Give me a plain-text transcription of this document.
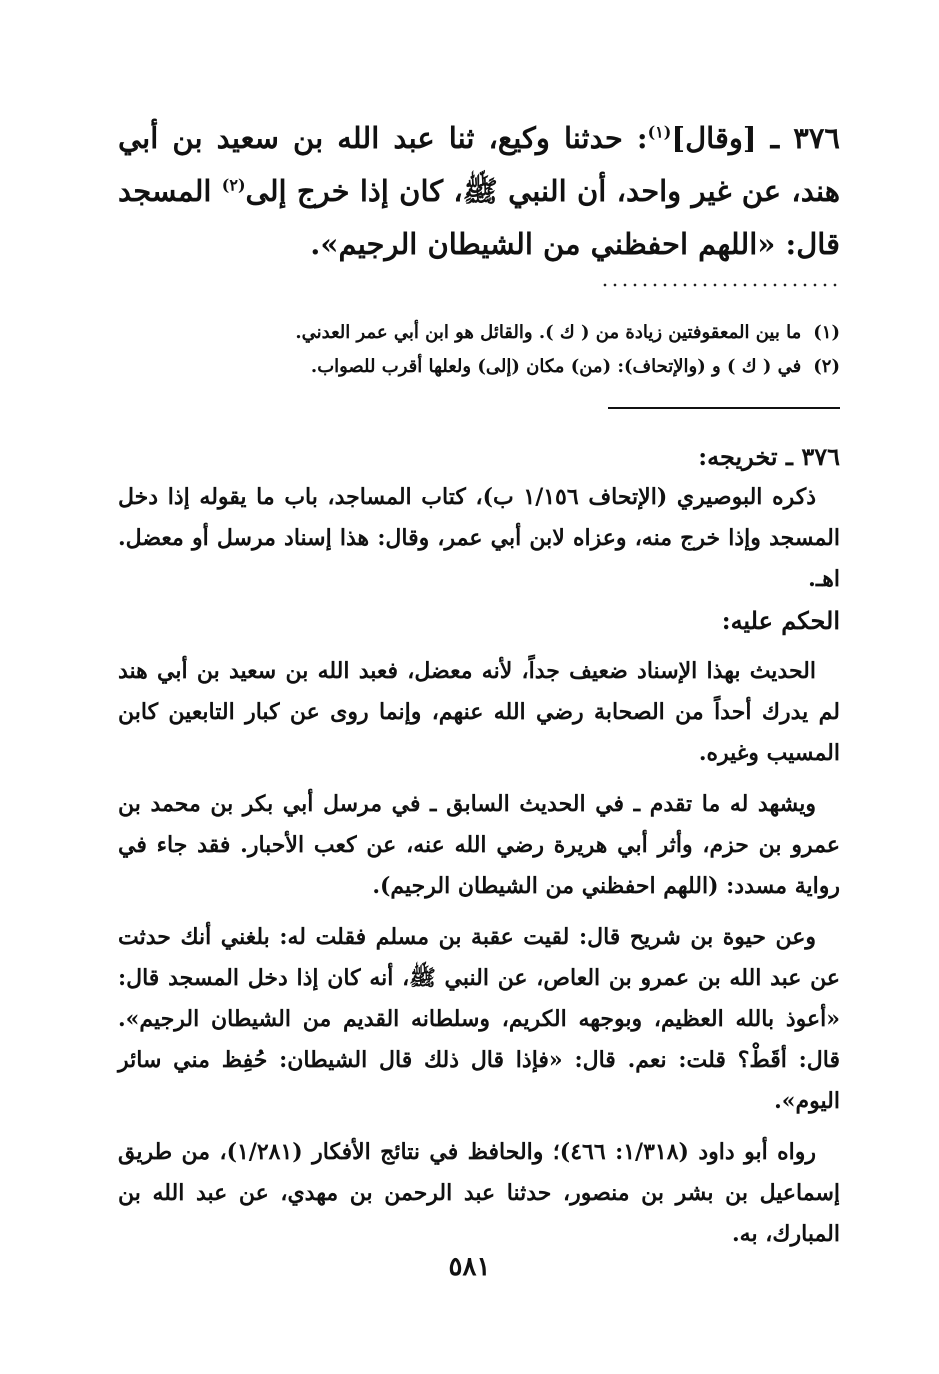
٣٧٦ ـ [وقال]$^{(١)}$: حدثنا وكيع، ثنا عبد الله بن سعيد بن أبي هند، عن غير واحد، أن النبي ﷺ، كان إذا خرج إلى$^{(٢)}$ المسجد قال: «اللهم احفظني من الشيطان الرجيم».
(١)ما بين المعقوفتين زيادة من ( ك ). والقائل هو ابن أبي عمر العدني.
(٢)في ( ك ) و (والإتحاف): (من) مكان (إلى) ولعلها أقرب للصواب.

٣٧٦ ـ تخريجه:

ذكره البوصيري (الإتحاف ١/١٥٦ ب)، كتاب المساجد، باب ما يقوله إذا دخل المسجد وإذا خرج منه، وعزاه لابن أبي عمر، وقال: هذا إسناد مرسل أو معضل. اهـ.

الحكم عليه:

الحديث بهذا الإسناد ضعيف جداً، لأنه معضل، فعبد الله بن سعيد بن أبي هند لم يدرك أحداً من الصحابة رضي الله عنهم، وإنما روى عن كبار التابعين كابن المسيب وغيره.

ويشهد له ما تقدم ـ في الحديث السابق ـ في مرسل أبي بكر بن محمد بن عمرو بن حزم، وأثر أبي هريرة رضي الله عنه، عن كعب الأحبار. فقد جاء في رواية مسدد: (اللهم احفظني من الشيطان الرجيم).

وعن حيوة بن شريح قال: لقيت عقبة بن مسلم فقلت له: بلغني أنك حدثت عن عبد الله بن عمرو بن العاص، عن النبي ﷺ، أنه كان إذا دخل المسجد قال: «أعوذ بالله العظيم، وبوجهه الكريم، وسلطانه القديم من الشيطان الرجيم». قال: أقَطْ؟ قلت: نعم. قال: «فإذا قال ذلك قال الشيطان: حُفِظ مني سائر اليوم».

رواه أبو داود (١/٣١٨: ٤٦٦)؛ والحافظ في نتائج الأفكار (١/٢٨١)، من طريق إسماعيل بن بشر بن منصور، حدثنا عبد الرحمن بن مهدي، عن عبد الله بن المبارك، به.

٥٨١
